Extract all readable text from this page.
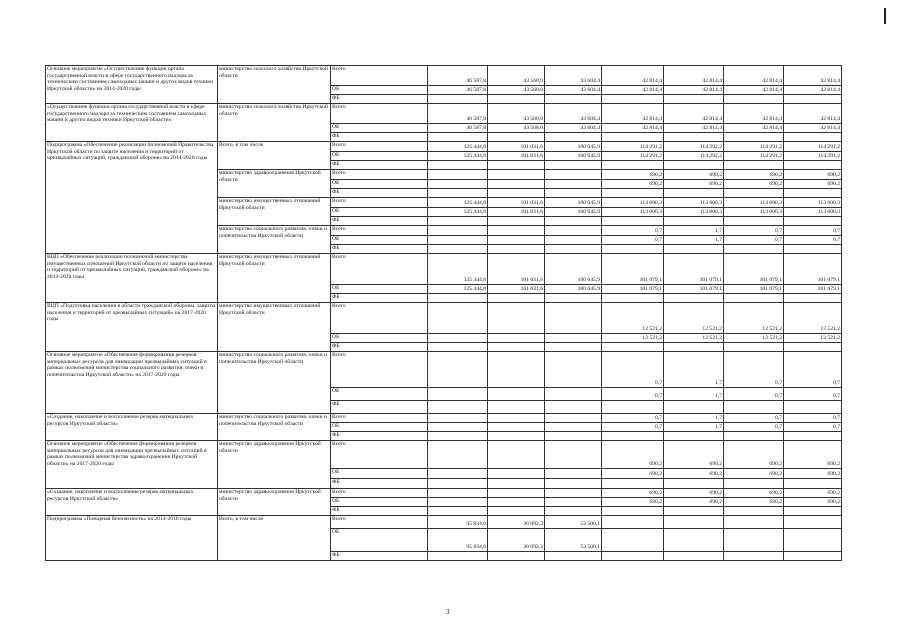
Основное мероприятие «Осуществление функции органа государственной власти в сфере государственного надзора за техническим состоянием самоходных машин и других видов техники Иркутской области» на 2014-2020 годы	министерство сельского хозяйства Иркутской области	Всего	46 587,8	43 568,0	43 604,4	42 814,4	42 814,4	42 814,4	42 814,4
		ОБ	46 587,8	43 568,0	43 604,4	42 814,4	42 814,4	42 814,4	42 814,4
		ФБ							
«Осуществление функции органа государственной власти в сфере государственного надзора за техническим состоянием самоходных машин и других видов техники Иркутской области»	министерство сельского хозяйства Иркутской области	Всего	46 587,8	43 568,0	43 604,4	42 814,4	42 814,4	42 814,4	42 814,4
		ОБ	46 587,8	43 568,0	43 604,4	42 814,4	42 814,4	42 814,4	42 814,4
		ФБ							
Подпрограмма «Обеспечение реализации полномочий Правительства Иркутской области по защите населения и территорий от чрезвычайных ситуаций, гражданской обороне» на 2014-2020 годы	Всего, в том числе	Всего	125 444,8	101 031,6	100 645,9	114 291,2	114 292,2	114 291,2	114 291,2
		ОБ	125 444,8	101 031,6	100 645,9	114 291,2	114 292,2	114 291,2	114 291,2
		ФБ							
	министерство здравоохранения Иркутской области	Всего				690,2	690,2	690,2	690,2
		ОБ				690,2	690,2	690,2	690,2
		ФБ							
	министерство имущественных отношений Иркутской области	Всего	125 444,8	101 031,6	100 645,9	113 600,3	113 600,3	113 600,3	113 600,3
		ОБ	125 444,8	101 031,6	100 645,9	113 600,3	113 600,3	113 600,3	113 600,3
		ФБ							
	министерство социального развития, опеки и попечительства Иркутской области	Всего				0,7	1,7	0,7	0,7
		ОБ				0,7	1,7	0,7	0,7
		ФБ							
ВЦП «Обеспечение реализации полномочий министерства имущественных отношений Иркутской области по защите населения и территорий от чрезвычайных ситуаций, гражданской обороне» на 2014-2020 годы	министерство имущественных отношений Иркутской области	Всего	125 444,8	101 031,6	100 645,9	101 079,1	101 079,1	101 079,1	101 079,1
		ОБ	125 444,8	101 031,6	100 645,9	101 079,1	101 079,1	101 079,1	101 079,1
		ФБ							
ВЦП «Подготовка населения в области гражданской обороны, защиты населения и территорий от чрезвычайных ситуаций» на 2017-2020 годы	министерство имущественных отношений Иркутской области	Всего				12 521,2	12 521,2	12 521,2	12 521,2
		ОБ				12 521,2	12 521,2	12 521,2	12 521,2
		ФБ							
Основное мероприятие «Обеспечение формирования резервов материальных ресурсов для ликвидации чрезвычайных ситуаций в рамках полномочий министерства социального развития, опеки и попечительства Иркутской области» на 2017-2020 годы	министерство социального развития, опеки и попечительства Иркутской области	Всего				0,7	1,7	0,7	0,7
		ОБ				0,7	1,7	0,7	0,7
		ФБ							
«Создание, накопление и восполнение резерва материальных ресурсов Иркутской области»	министерство социального развития, опеки и попечительства Иркутской области	Всего				0,7	1,7	0,7	0,7
		ОБ				0,7	1,7	0,7	0,7
		ФБ							
Основное мероприятие «Обеспечение формирования резервов материальных ресурсов для ликвидации чрезвычайных ситуаций в рамках полномочий министерства здравоохранения Иркутской области» на 2017-2020 годы	министерство здравоохранения Иркутской области	Всего				690,2	690,2	690,2	690,2
		ОБ				690,2	690,2	690,2	690,2
		ФБ							
«Создание, накопление и восполнение резерва материальных ресурсов Иркутской области»	министерство здравоохранения Иркутской области	Всего				690,2	690,2	690,2	690,2
		ОБ				690,2	690,2	690,2	690,2
		ФБ							
Подпрограмма «Пожарная безопасность» на 2014-2016 годы	Всего, в том числе	Всего	95 834,6	36 092,3	53 500,1				
		ОБ	95 834,6	36 092,3	53 500,1				
		ФБ							
3
